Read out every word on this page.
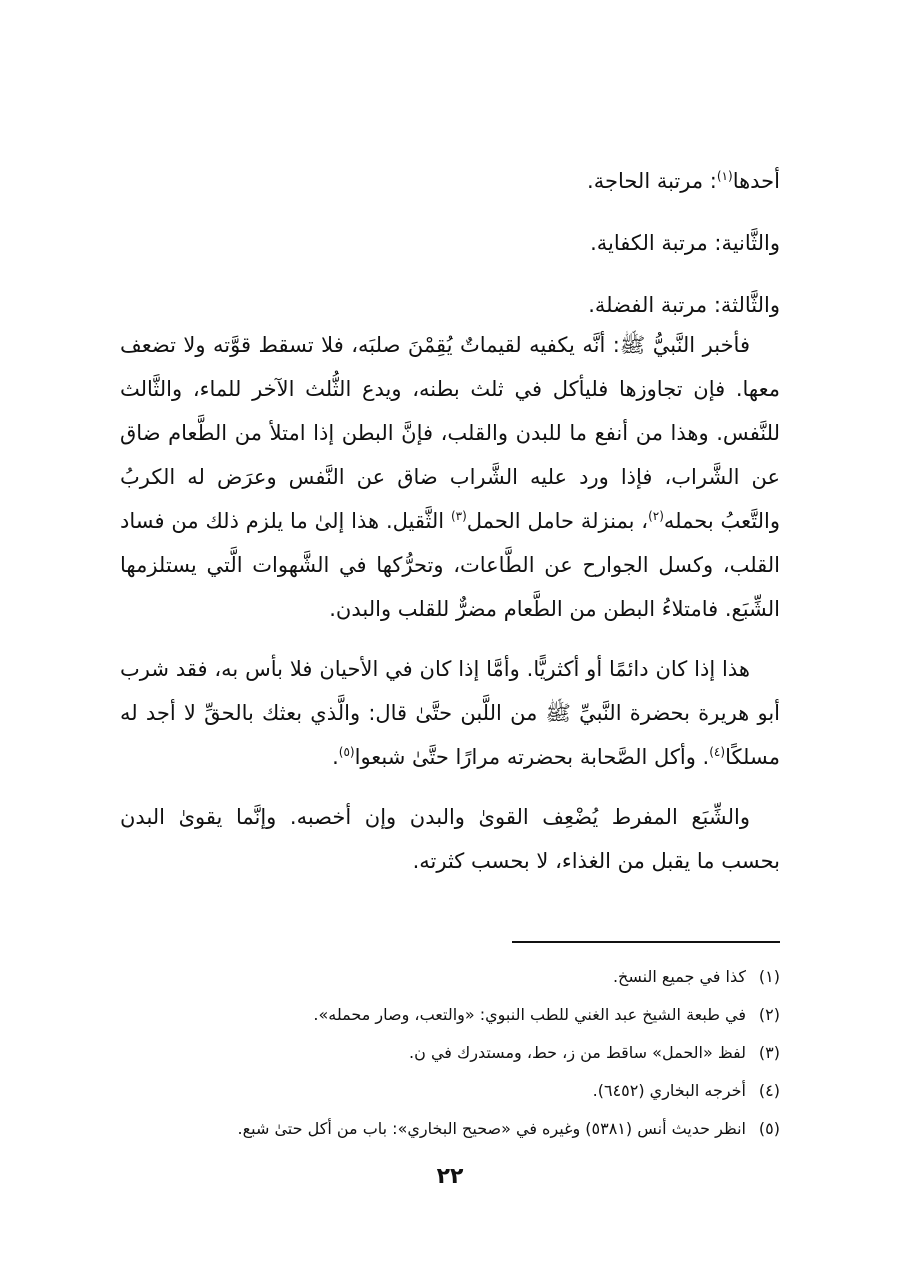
أحدها$^{(١)}$: مرتبة الحاجة.
والثَّانية: مرتبة الكفاية.
والثَّالثة: مرتبة الفضلة.

فأخبر النَّبيُّ ﷺ: أنَّه يكفيه لقيماتٌ يُقِمْنَ صلبَه، فلا تسقط قوَّته ولا تضعف معها. فإن تجاوزها فليأكل في ثلث بطنه، ويدع الثُّلث الآخر للماء، والثَّالث للنَّفس. وهذا من أنفع ما للبدن والقلب، فإنَّ البطن إذا امتلأ من الطَّعام ضاق عن الشَّراب، فإذا ورد عليه الشَّراب ضاق عن النَّفس وعرَض له الكربُ والتَّعبُ بحمله$^{(٢)}$، بمنزلة حامل الحمل$^{(٣)}$ الثَّقيل. هذا إلىٰ ما يلزم ذلك من فساد القلب، وكسل الجوارح عن الطَّاعات، وتحرُّكها في الشَّهوات الَّتي يستلزمها الشِّبَع. فامتلاءُ البطن من الطَّعام مضرٌّ للقلب والبدن.

هذا إذا كان دائمًا أو أكثريًّا. وأمَّا إذا كان في الأحيان فلا بأس به، فقد شرب أبو هريرة بحضرة النَّبيِّ ﷺ من اللَّبن حتَّىٰ قال: والَّذي بعثك بالحقِّ لا أجد له مسلكًا$^{(٤)}$. وأكل الصَّحابة بحضرته مرارًا حتَّىٰ شبعوا$^{(٥)}$.

والشِّبَع المفرط يُضْعِف القوىٰ والبدن وإن أخصبه. وإنَّما يقوىٰ البدن بحسب ما يقبل من الغذاء، لا بحسب كثرته.

(١)كذا في جميع النسخ.
(٢)في طبعة الشيخ عبد الغني للطب النبوي: «والتعب، وصار محمله».
(٣)لفظ «الحمل» ساقط من ز، حط، ومستدرك في ن.
(٤)أخرجه البخاري (٦٤٥٢).
(٥)انظر حديث أنس (٥٣٨١) وغيره في «صحيح البخاري»: باب من أكل حتىٰ شبع.
٢٢
